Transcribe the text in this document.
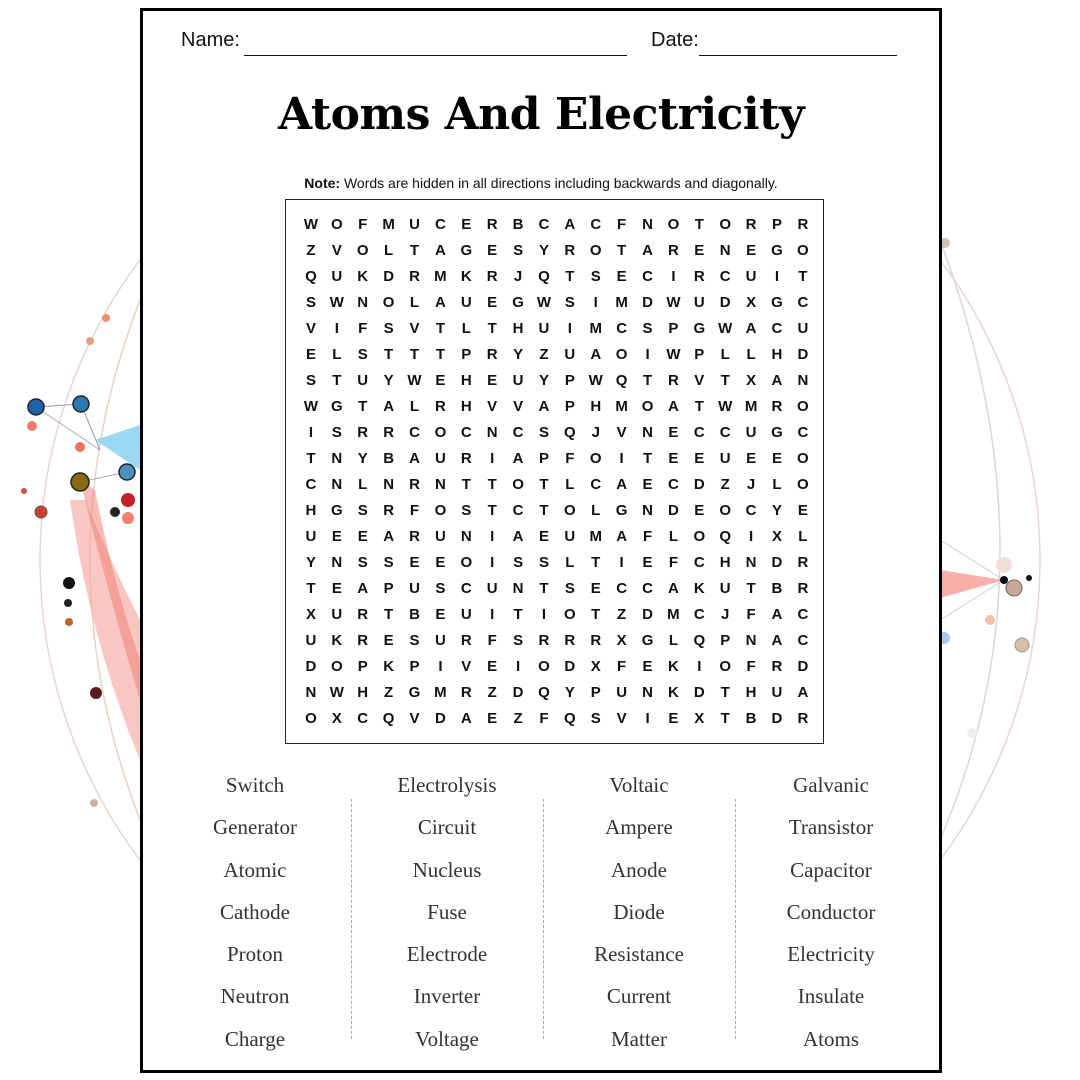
Name:	Date:
Atoms And Electricity
Note: Words are hidden in all directions including backwards and diagonally.
W O	F	M U	C	E	R	B	C	A	C	F	N O	T	O R	P	R
Z	V	O	L	T	A G	E	S	Y	R O	T	A	R	E	N	E	G O
Q U	K	D	R M K	R	J	Q	T	S	E	C	I	R	C	U	I	T
S W N O	L	A	U	E	G W S	I	M D W U	D	X	G C
V	I	F	S	V	T	L	T	H	U	I	M C	S	P	G W A	C	U
E	L	S	T	T	T	P	R	Y	Z	U	A O	I	W P	L	L	H	D
S	T	U	Y W E	H	E	U	Y	P W Q	T	R	V	T	X	A	N
W G	T	A	L	R	H	V	V	A	P	H M O A	T W M R O
I	S	R	R	C O C	N	C	S	Q	J	V	N	E	C	C	U G C
T	N	Y	B	A	U	R	I	A	P	F	O	I	T	E	E	U	E	E	O
C	N	L	N	R	N	T	T	O	T	L	C	A	E	C	D	Z	J	L	O
H G	S	R	F	O	S	T	C	T	O	L	G N	D	E	O C	Y	E
U	E	E	A	R	U	N	I	A	E	U M A	F	L	O Q	I	X	L
Y	N	S	S	E	E	O	I	S	S	L	T	I	E	F	C	H	N	D	R
T	E	A	P	U	S	C	U	N	T	S	E	C	C	A	K	U	T	B	R
X	U	R	T	B	E	U	I	T	I	O	T	Z	D M C	J	F	A	C
U	K	R	E	S	U	R	F	S	R	R	R	X	G	L	Q	P	N	A	C
D O	P	K	P	I	V	E	I	O D	X	F	E	K	I	O	F	R	D
N W H	Z	G M R	Z	D Q	Y	P	U	N	K	D	T	H	U	A
O	X	C Q	V	D	A	E	Z	F	Q	S	V	I	E	X	T	B	D	R
Switch
Generator
Atomic
Cathode
Proton
Neutron
Charge
Electrolysis
Circuit
Nucleus
Fuse
Electrode
Inverter
Voltage
Voltaic
Ampere
Anode
Diode
Resistance
Current
Matter
Galvanic
Transistor
Capacitor
Conductor
Electricity
Insulate
Atoms
